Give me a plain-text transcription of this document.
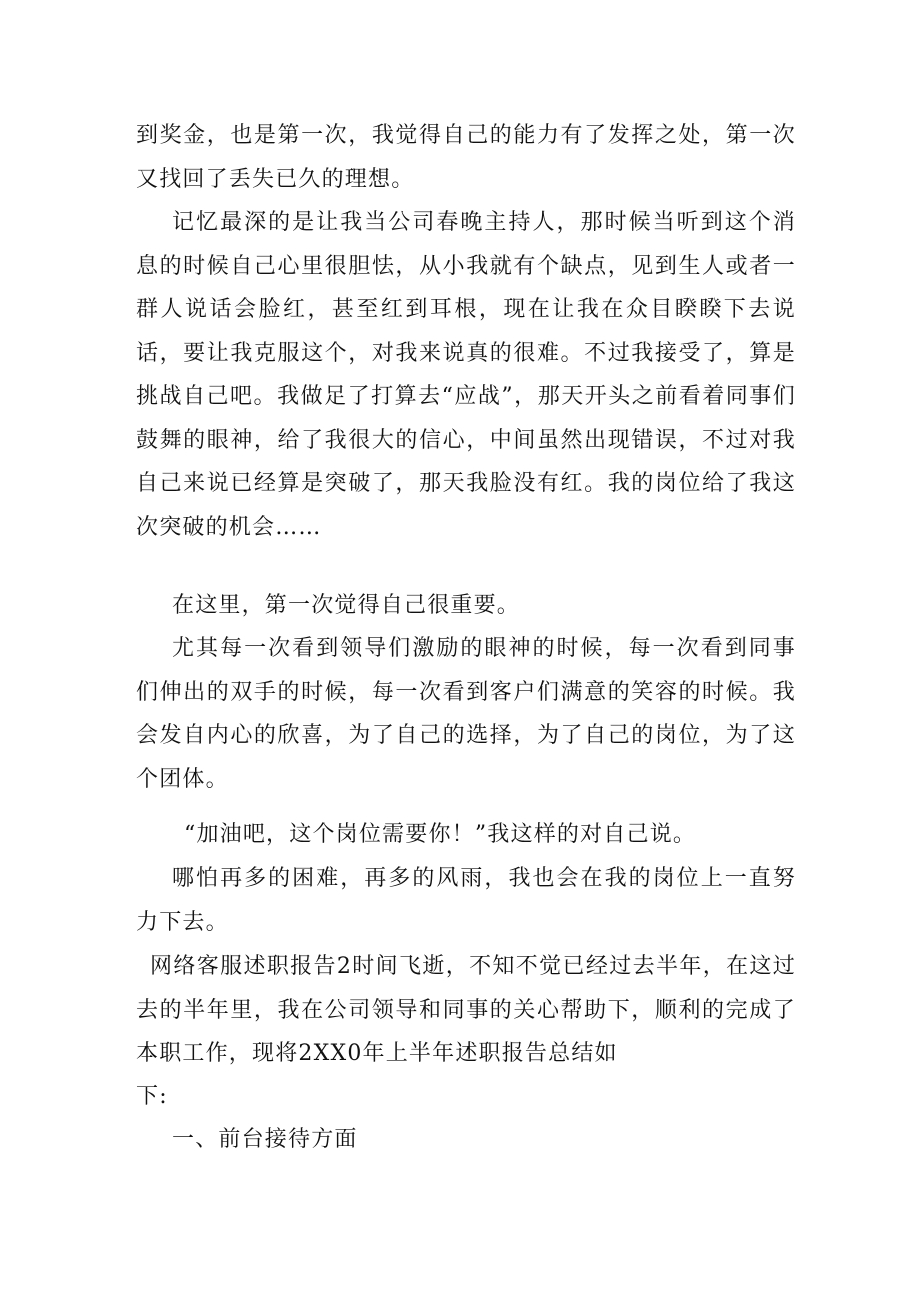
到奖金，也是第一次，我觉得自己的能力有了发挥之处，第一次又找回了丢失已久的理想。

记忆最深的是让我当公司春晚主持人，那时候当听到这个消息的时候自己心里很胆怯，从小我就有个缺点，见到生人或者一群人说话会脸红，甚至红到耳根，现在让我在众目睽睽下去说话，要让我克服这个，对我来说真的很难。不过我接受了，算是挑战自己吧。我做足了打算去“应战”，那天开头之前看着同事们鼓舞的眼神，给了我很大的信心，中间虽然出现错误，不过对我自己来说已经算是突破了，那天我脸没有红。我的岗位给了我这次突破的机会……

在这里，第一次觉得自己很重要。

尤其每一次看到领导们激励的眼神的时候，每一次看到同事们伸出的双手的时候，每一次看到客户们满意的笑容的时候。我会发自内心的欣喜，为了自己的选择，为了自己的岗位，为了这个团体。

“加油吧，这个岗位需要你！”我这样的对自己说。

哪怕再多的困难，再多的风雨，我也会在我的岗位上一直努力下去。

网络客服述职报告2时间飞逝，不知不觉已经过去半年，在这过去的半年里，我在公司领导和同事的关心帮助下，顺利的完成了本职工作，现将2XX0年上半年述职报告总结如

下:

一、前台接待方面
